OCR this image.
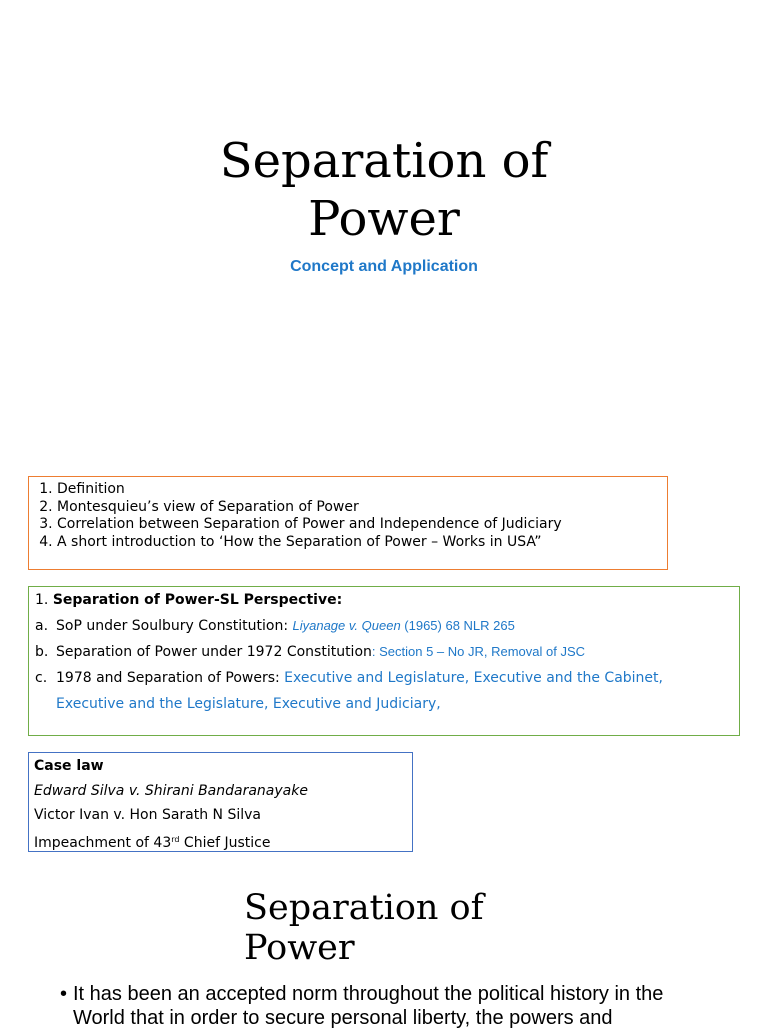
Separation of
Power
Concept and Application
1. Definition
2. Montesquieu’s view of Separation of Power
3. Correlation between Separation of Power and Independence of Judiciary
4. A short introduction to ‘How the Separation of Power – Works in USA”
1. Separation of Power-SL Perspective:
a. SoP under Soulbury Constitution: Liyanage v. Queen (1965) 68 NLR 265
b. Separation of Power under 1972 Constitution: Section 5 – No JR, Removal of JSC
c. 1978 and Separation of Powers: Executive and Legislature, Executive and the Cabinet,
Executive and the Legislature, Executive and Judiciary,
Case law
Edward Silva v. Shirani Bandaranayake
Victor Ivan v. Hon Sarath N Silva
Impeachment of 43rd Chief Justice
Separation of
Power
• It has been an accepted norm throughout the political history in the World that in order to secure personal liberty, the powers and
